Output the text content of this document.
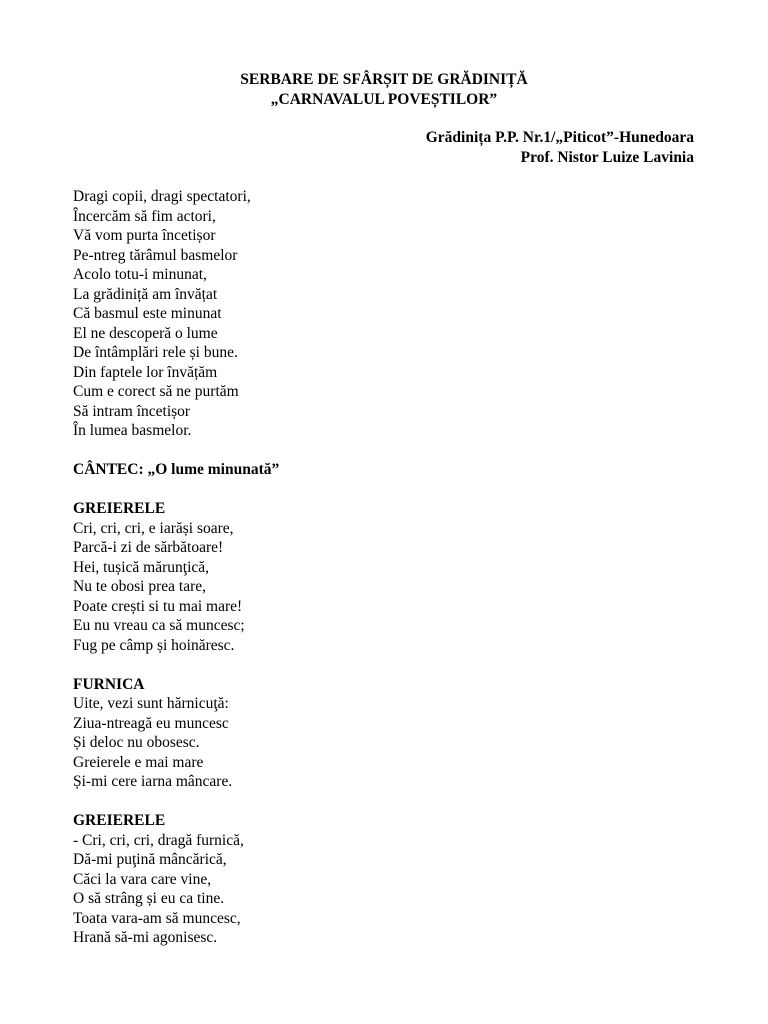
SERBARE DE SFÂRȘIT DE GRĂDINIȚĂ
„CARNAVALUL POVEȘTILOR”
Grădinița P.P. Nr.1/„Piticot”-Hunedoara
Prof. Nistor Luize Lavinia
Dragi copii, dragi spectatori,
Încercăm să fim actori,
Vă vom purta încetișor
Pe-ntreg tărâmul basmelor
Acolo totu-i minunat,
La grădiniță am învățat
Că basmul este minunat
El ne descoperă o lume
De întâmplări rele și bune.
Din faptele lor învățăm
Cum e corect să ne purtăm
Să intram încetișor
În lumea basmelor.
CÂNTEC: „O lume minunată”
GREIERELE
Cri, cri, cri, e iarăși soare,
Parcă-i zi de sărbătoare!
Hei, tușică mărunţică,
Nu te obosi prea tare,
Poate crești si tu mai mare!
Eu nu vreau ca să muncesc;
Fug pe câmp și hoinăresc.
FURNICA
Uite, vezi sunt hărnicuţă:
Ziua-ntreagă eu muncesc
Și deloc nu obosesc.
Greierele e mai mare
Și-mi cere iarna mâncare.
GREIERELE
- Cri, cri, cri, dragă furnică,
Dă-mi puţină mâncărică,
Căci la vara care vine,
O să strâng și eu ca tine.
Toata vara-am să muncesc,
Hrană să-mi agonisesc.
